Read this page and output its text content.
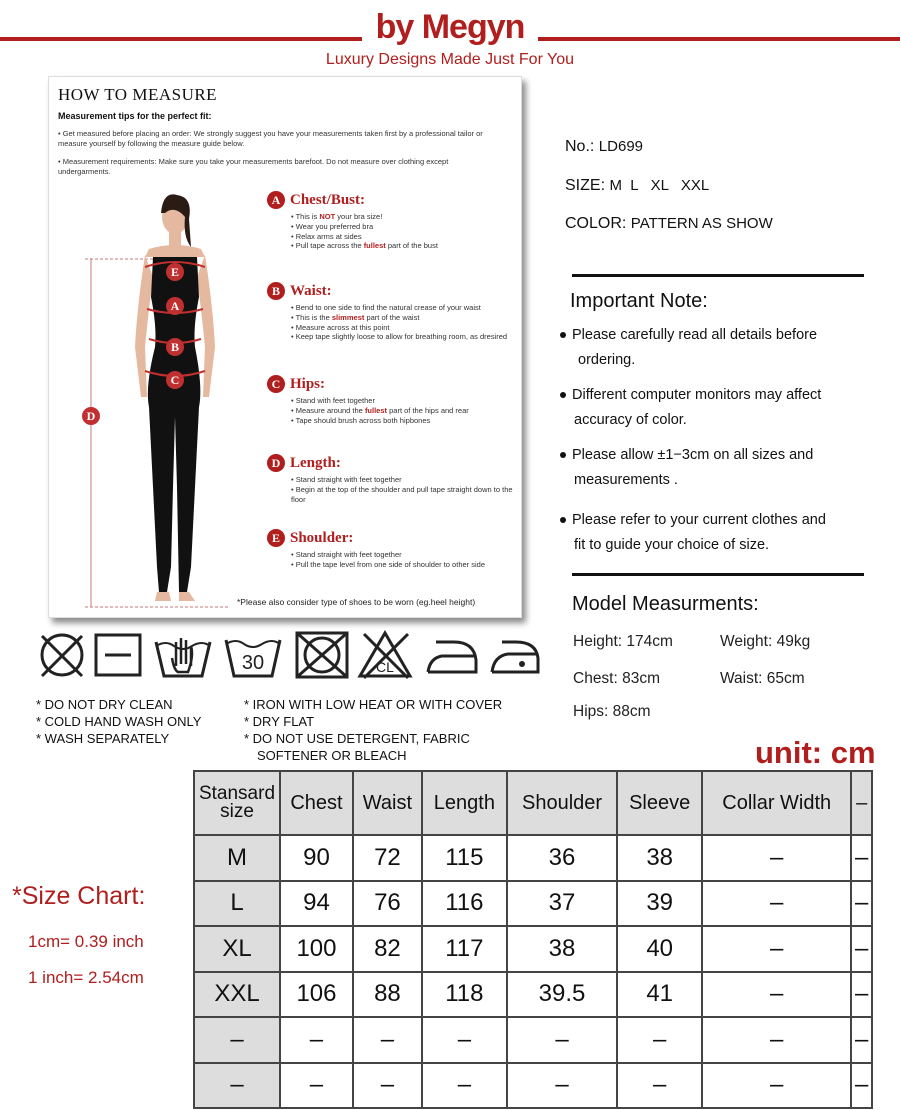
by Megyn
Luxury Designs Made Just For You
HOW TO MEASURE
Measurement tips for the perfect fit:
• Get measured before placing an order: We strongly suggest you have your measurements taken first by a professional tailor or measure yourself by following the measure guide below.
• Measurement requirements: Make sure you take your measurements barefoot. Do not measure over clothing except undergarments.
E
A
B
C
D
A Chest/Bust:
• This is NOT your bra size!
• Wear you preferred bra
• Relax arms at sides
• Pull tape across the fullest part of the bust
B Waist:
• Bend to one side to find the natural crease of your waist
• This is the slimmest part of the waist
• Measure across at this point
• Keep tape slightly loose to allow for breathing room, as dresired
C Hips:
• Stand with feet together
• Measure around the fullest part of the hips and rear
• Tape should brush across both hipbones
D Length:
• Stand straight with feet together
• Begin at the top of the shoulder and pull tape straight down to the floor
E Shoulder:
• Stand straight with feet together
• Pull the tape level from one side of shoulder to other side
*Please also consider type of shoes to be worn (eg.heel height)
No.: LD699
SIZE: M  L   XL   XXL
COLOR: PATTERN AS SHOW
Important Note:
Please carefully read all details before
ordering.
Different computer monitors may affect
accuracy of color.
Please allow ±1−3cm on all sizes and
measurements .
Please refer to your current clothes and
fit to guide your choice of size.
Model Measurments:
Height: 174cm	Weight: 49kg
Chest: 83cm	Waist: 65cm
Hips: 88cm
30	CL
* DO NOT DRY CLEAN
* COLD HAND WASH ONLY
* WASH SEPARATELY
* IRON WITH LOW HEAT OR WITH COVER
* DRY FLAT
* DO NOT USE DETERGENT, FABRIC
SOFTENER OR BLEACH	unit: cm
*Size Chart:
1cm= 0.39 inch
1 inch= 2.54cm
Stansard size	Chest	Waist	Length	Shoulder	Sleeve	Collar Width	–
M	90	72	115	36	38	–	–
L	94	76	116	37	39	–	–
XL	100	82	117	38	40	–	–
XXL	106	88	118	39.5	41	–	–
–	–	–	–	–	–	–	–
–	–	–	–	–	–	–	–
